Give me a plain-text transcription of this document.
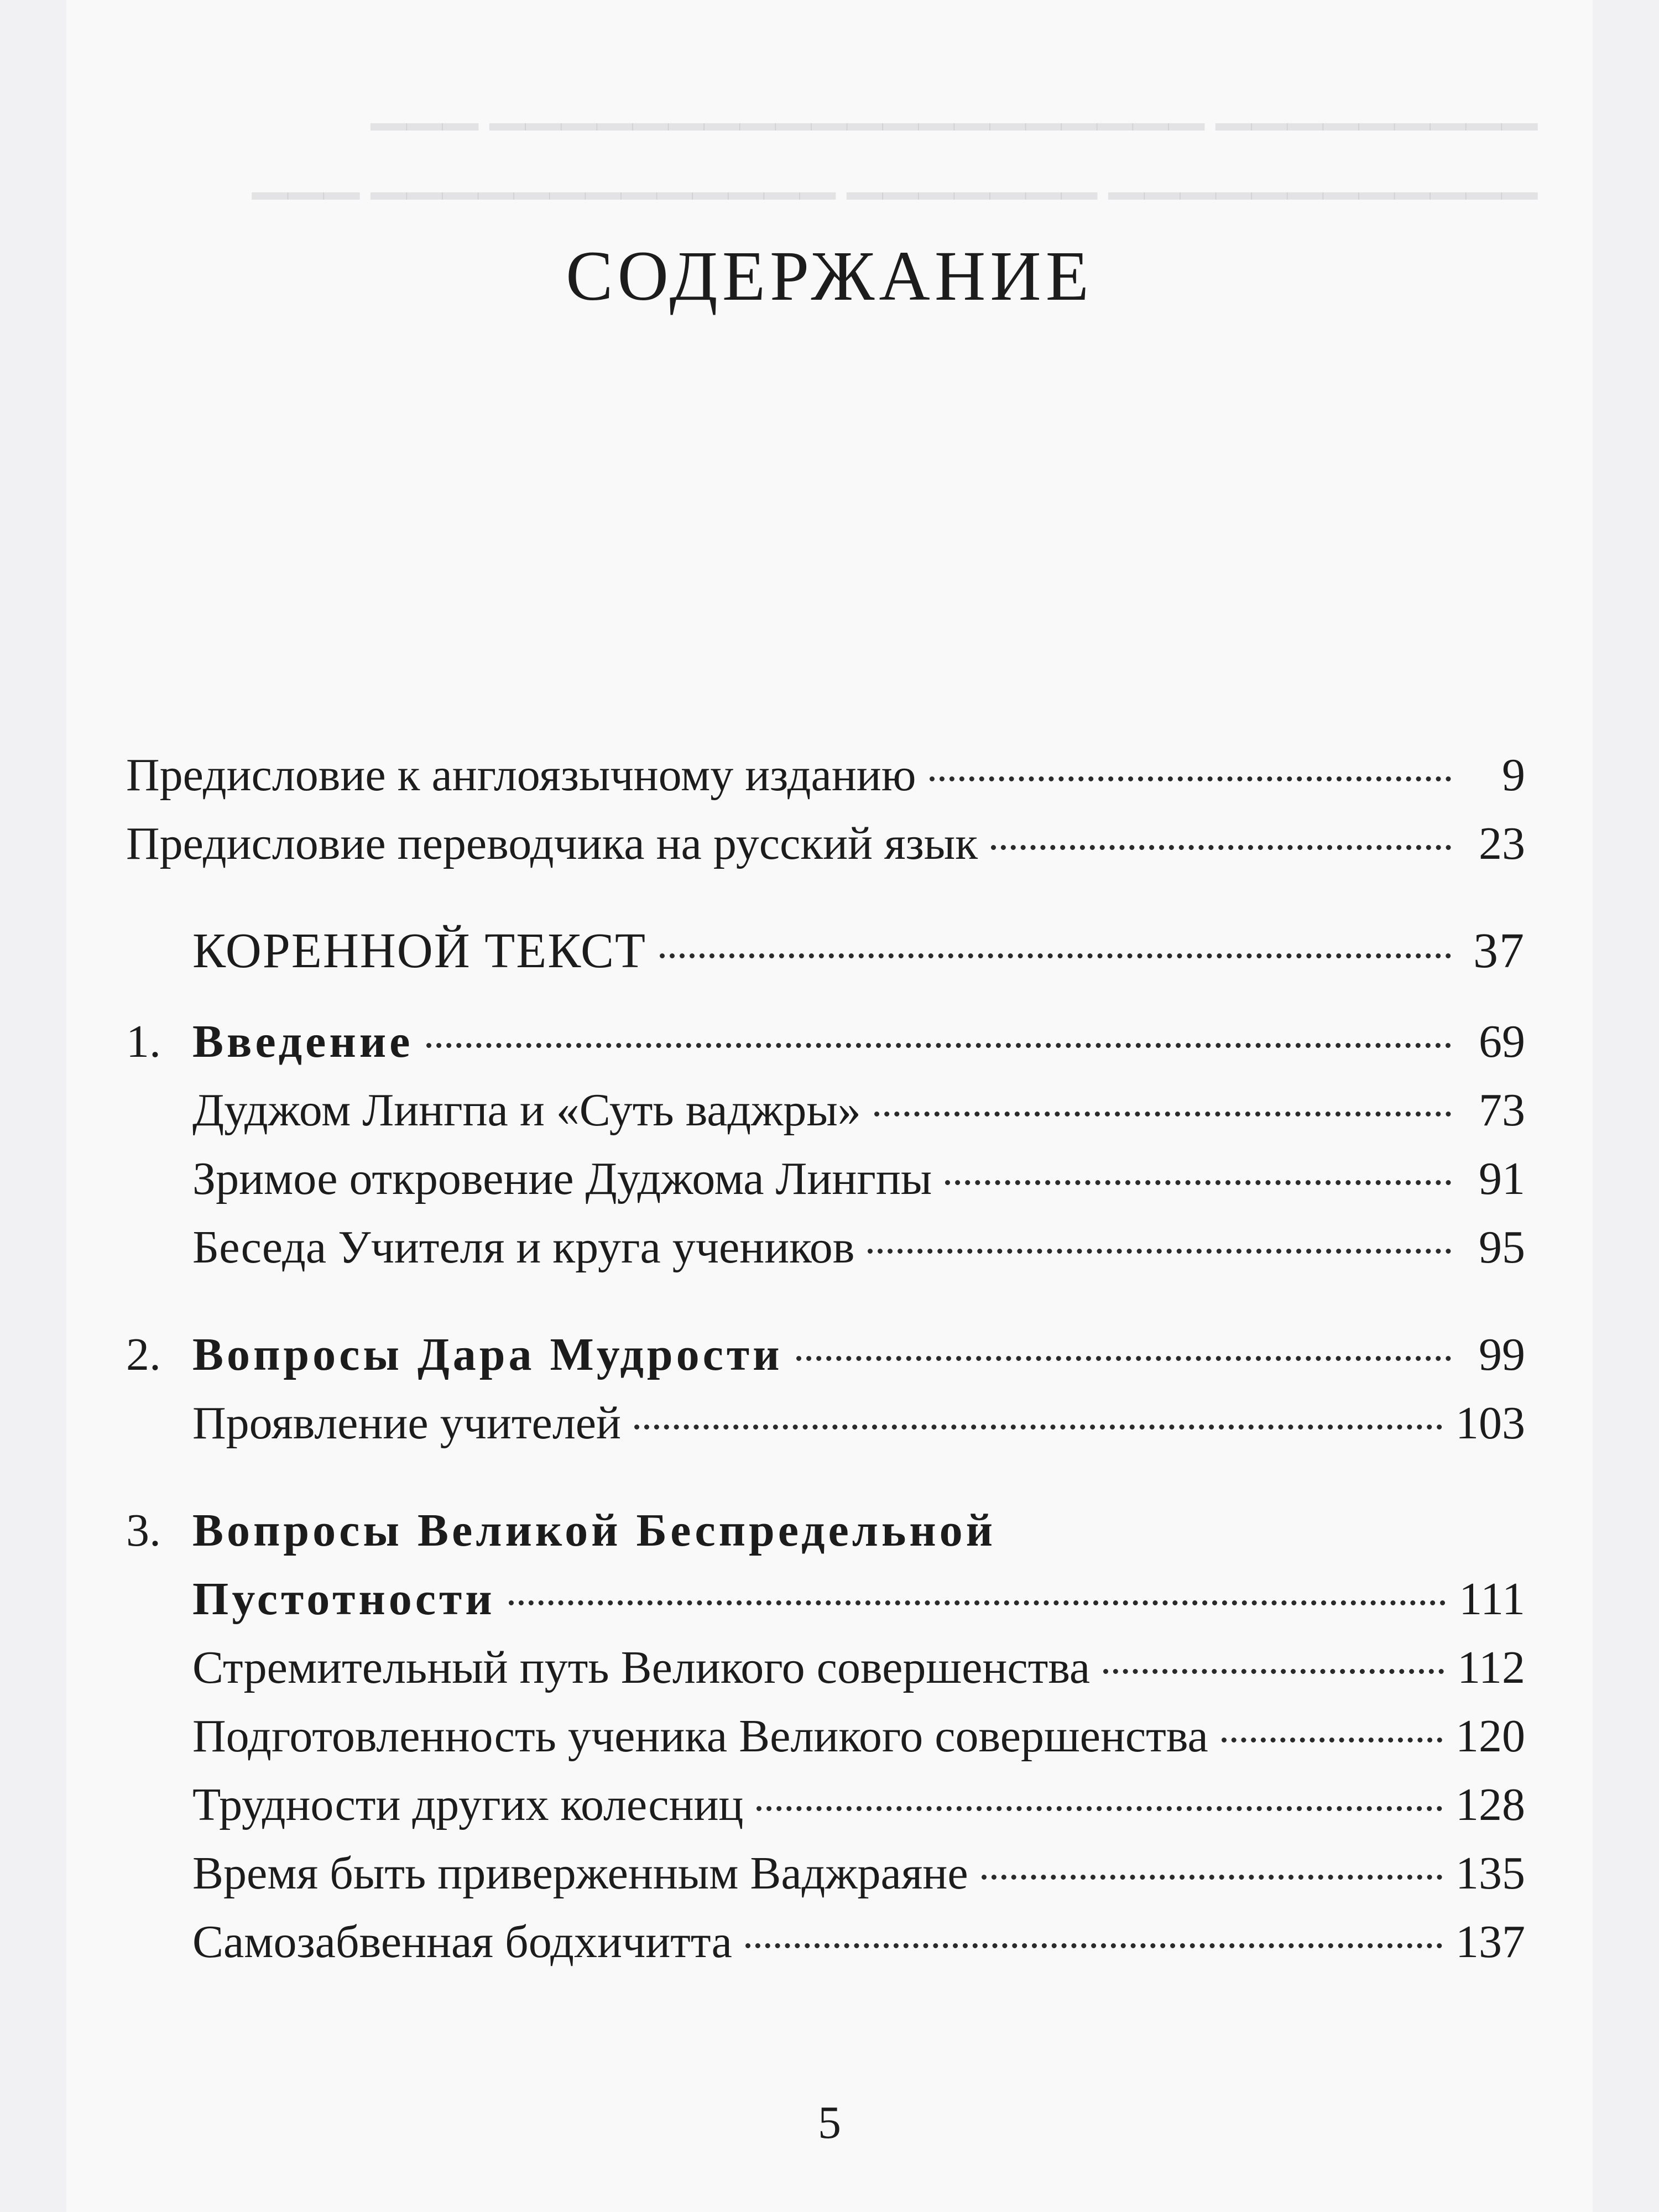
СОДЕРЖАНИЕ
Предисловие к англоязычному изданию	9
Предисловие переводчика на русский язык	23
КОРЕННОЙ ТЕКСТ	37
1. Введение	69
Дуджом Лингпа и «Суть ваджры»	73
Зримое откровение Дуджома Лингпы	91
Беседа Учителя и круга учеников	95
2. Вопросы Дара Мудрости	99
Проявление учителей	103
3. Вопросы Великой Беспредельной
Пустотности	111
Стремительный путь Великого совершенства	112
Подготовленность ученика Великого совершенства	120
Трудности других колесниц	128
Время быть приверженным Ваджраяне	135
Самозабвенная бодхичитта	137
5
